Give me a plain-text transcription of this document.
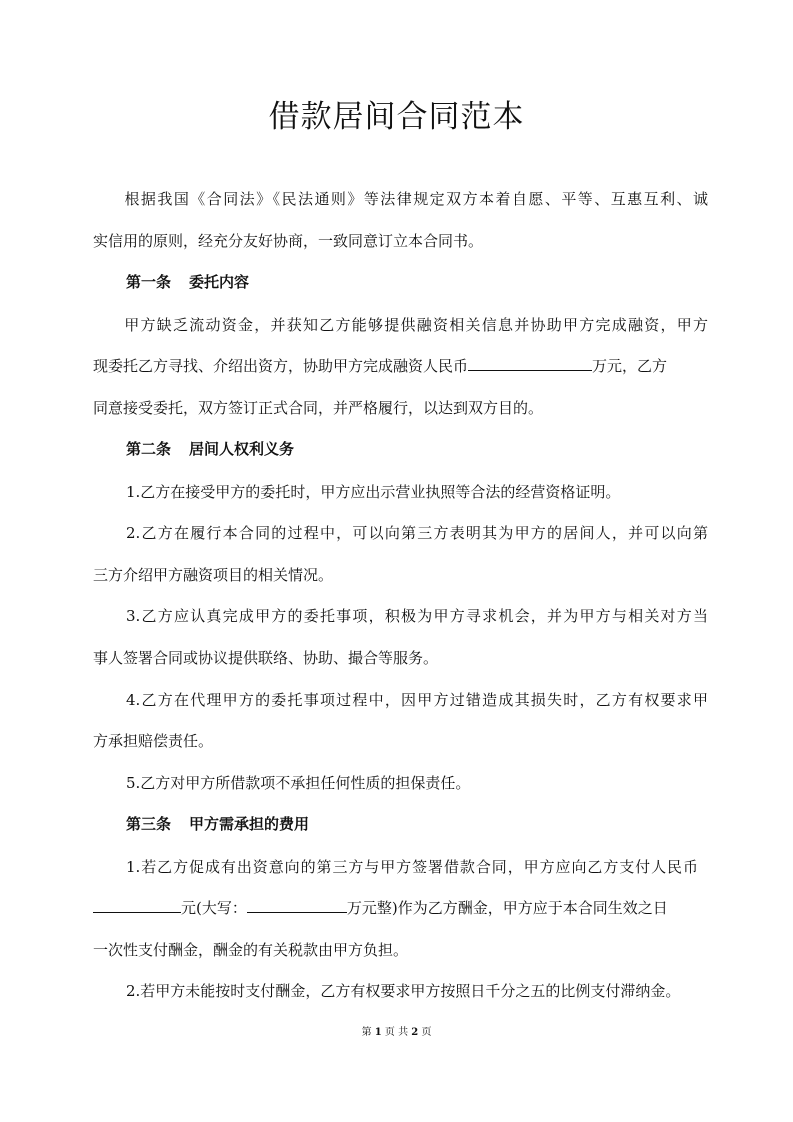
借款居间合同范本
根据我国《合同法》《民法通则》等法律规定双方本着自愿、平等、互惠互利、诚
实信用的原则，经充分友好协商，一致同意订立本合同书。
第一条 委托内容
甲方缺乏流动资金，并获知乙方能够提供融资相关信息并协助甲方完成融资，甲方
现委托乙方寻找、介绍出资方，协助甲方完成融资人民币	万元，乙方
同意接受委托，双方签订正式合同，并严格履行，以达到双方目的。
第二条 居间人权利义务
1.乙方在接受甲方的委托时，甲方应出示营业执照等合法的经营资格证明。
2.乙方在履行本合同的过程中，可以向第三方表明其为甲方的居间人，并可以向第
三方介绍甲方融资项目的相关情况。
3.乙方应认真完成甲方的委托事项，积极为甲方寻求机会，并为甲方与相关对方当
事人签署合同或协议提供联络、协助、撮合等服务。
4.乙方在代理甲方的委托事项过程中，因甲方过错造成其损失时，乙方有权要求甲
方承担赔偿责任。
5.乙方对甲方所借款项不承担任何性质的担保责任。
第三条 甲方需承担的费用
1.若乙方促成有出资意向的第三方与甲方签署借款合同，甲方应向乙方支付人民币
元(大写：	万元整)作为乙方酬金，甲方应于本合同生效之日
一次性支付酬金，酬金的有关税款由甲方负担。
2.若甲方未能按时支付酬金，乙方有权要求甲方按照日千分之五的比例支付滞纳金。
第 1 页 共 2 页
